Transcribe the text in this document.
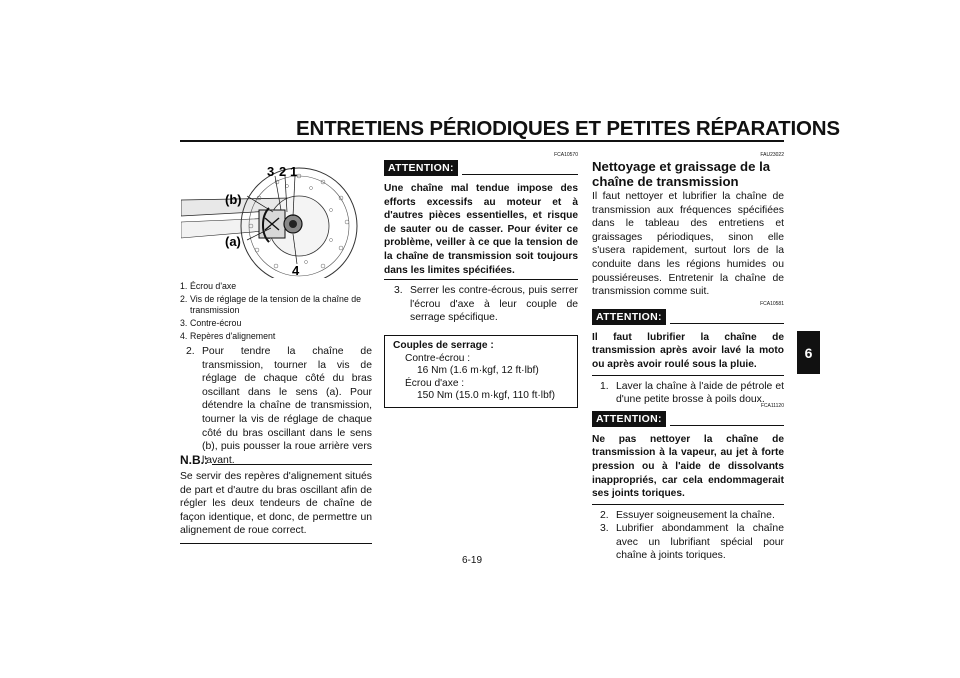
ENTRETIENS PÉRIODIQUES ET PETITES RÉPARATIONS
6
6-19
3 2 1
(b)
(a)
4
1. Écrou d'axe
2. Vis de réglage de la tension de la chaîne de transmission
3. Contre-écrou
4. Repères d'alignement
2. Pour tendre la chaîne de transmission, tourner la vis de réglage de chaque côté du bras oscillant dans le sens (a). Pour détendre la chaîne de transmission, tourner la vis de réglage de chaque côté du bras oscillant dans le sens (b), puis pousser la roue arrière vers l'avant.
N.B.:
Se servir des repères d'alignement situés de part et d'autre du bras oscillant afin de régler les deux tendeurs de chaîne de façon identique, et donc, de permettre un alignement de roue correct.
FCA10570
ATTENTION:
Une chaîne mal tendue impose des efforts excessifs au moteur et à d'autres pièces essentielles, et risque de sauter ou de casser. Pour éviter ce problème, veiller à ce que la tension de la chaîne de transmission soit toujours dans les limites spécifiées.
3. Serrer les contre-écrous, puis serrer l'écrou d'axe à leur couple de serrage spécifique.
Couples de serrage :
Contre-écrou :
16 Nm (1.6 m·kgf, 12 ft·lbf)
Écrou d'axe :
150 Nm (15.0 m·kgf, 110 ft·lbf)
FAU23022
Nettoyage et graissage de la chaîne de transmission
Il faut nettoyer et lubrifier la chaîne de transmission aux fréquences spécifiées dans le tableau des entretiens et graissages périodiques, sinon elle s'usera rapidement, surtout lors de la conduite dans les régions humides ou poussiéreuses. Entretenir la chaîne de transmission comme suit.
FCA10581
ATTENTION:
Il faut lubrifier la chaîne de transmission après avoir lavé la moto ou après avoir roulé sous la pluie.
1. Laver la chaîne à l'aide de pétrole et d'une petite brosse à poils doux.
FCA11120
ATTENTION:
Ne pas nettoyer la chaîne de transmission à la vapeur, au jet à forte pression ou à l'aide de dissolvants inappropriés, car cela endommagerait ses joints toriques.
2. Essuyer soigneusement la chaîne.
3. Lubrifier abondamment la chaîne avec un lubrifiant spécial pour chaîne à joints toriques.
